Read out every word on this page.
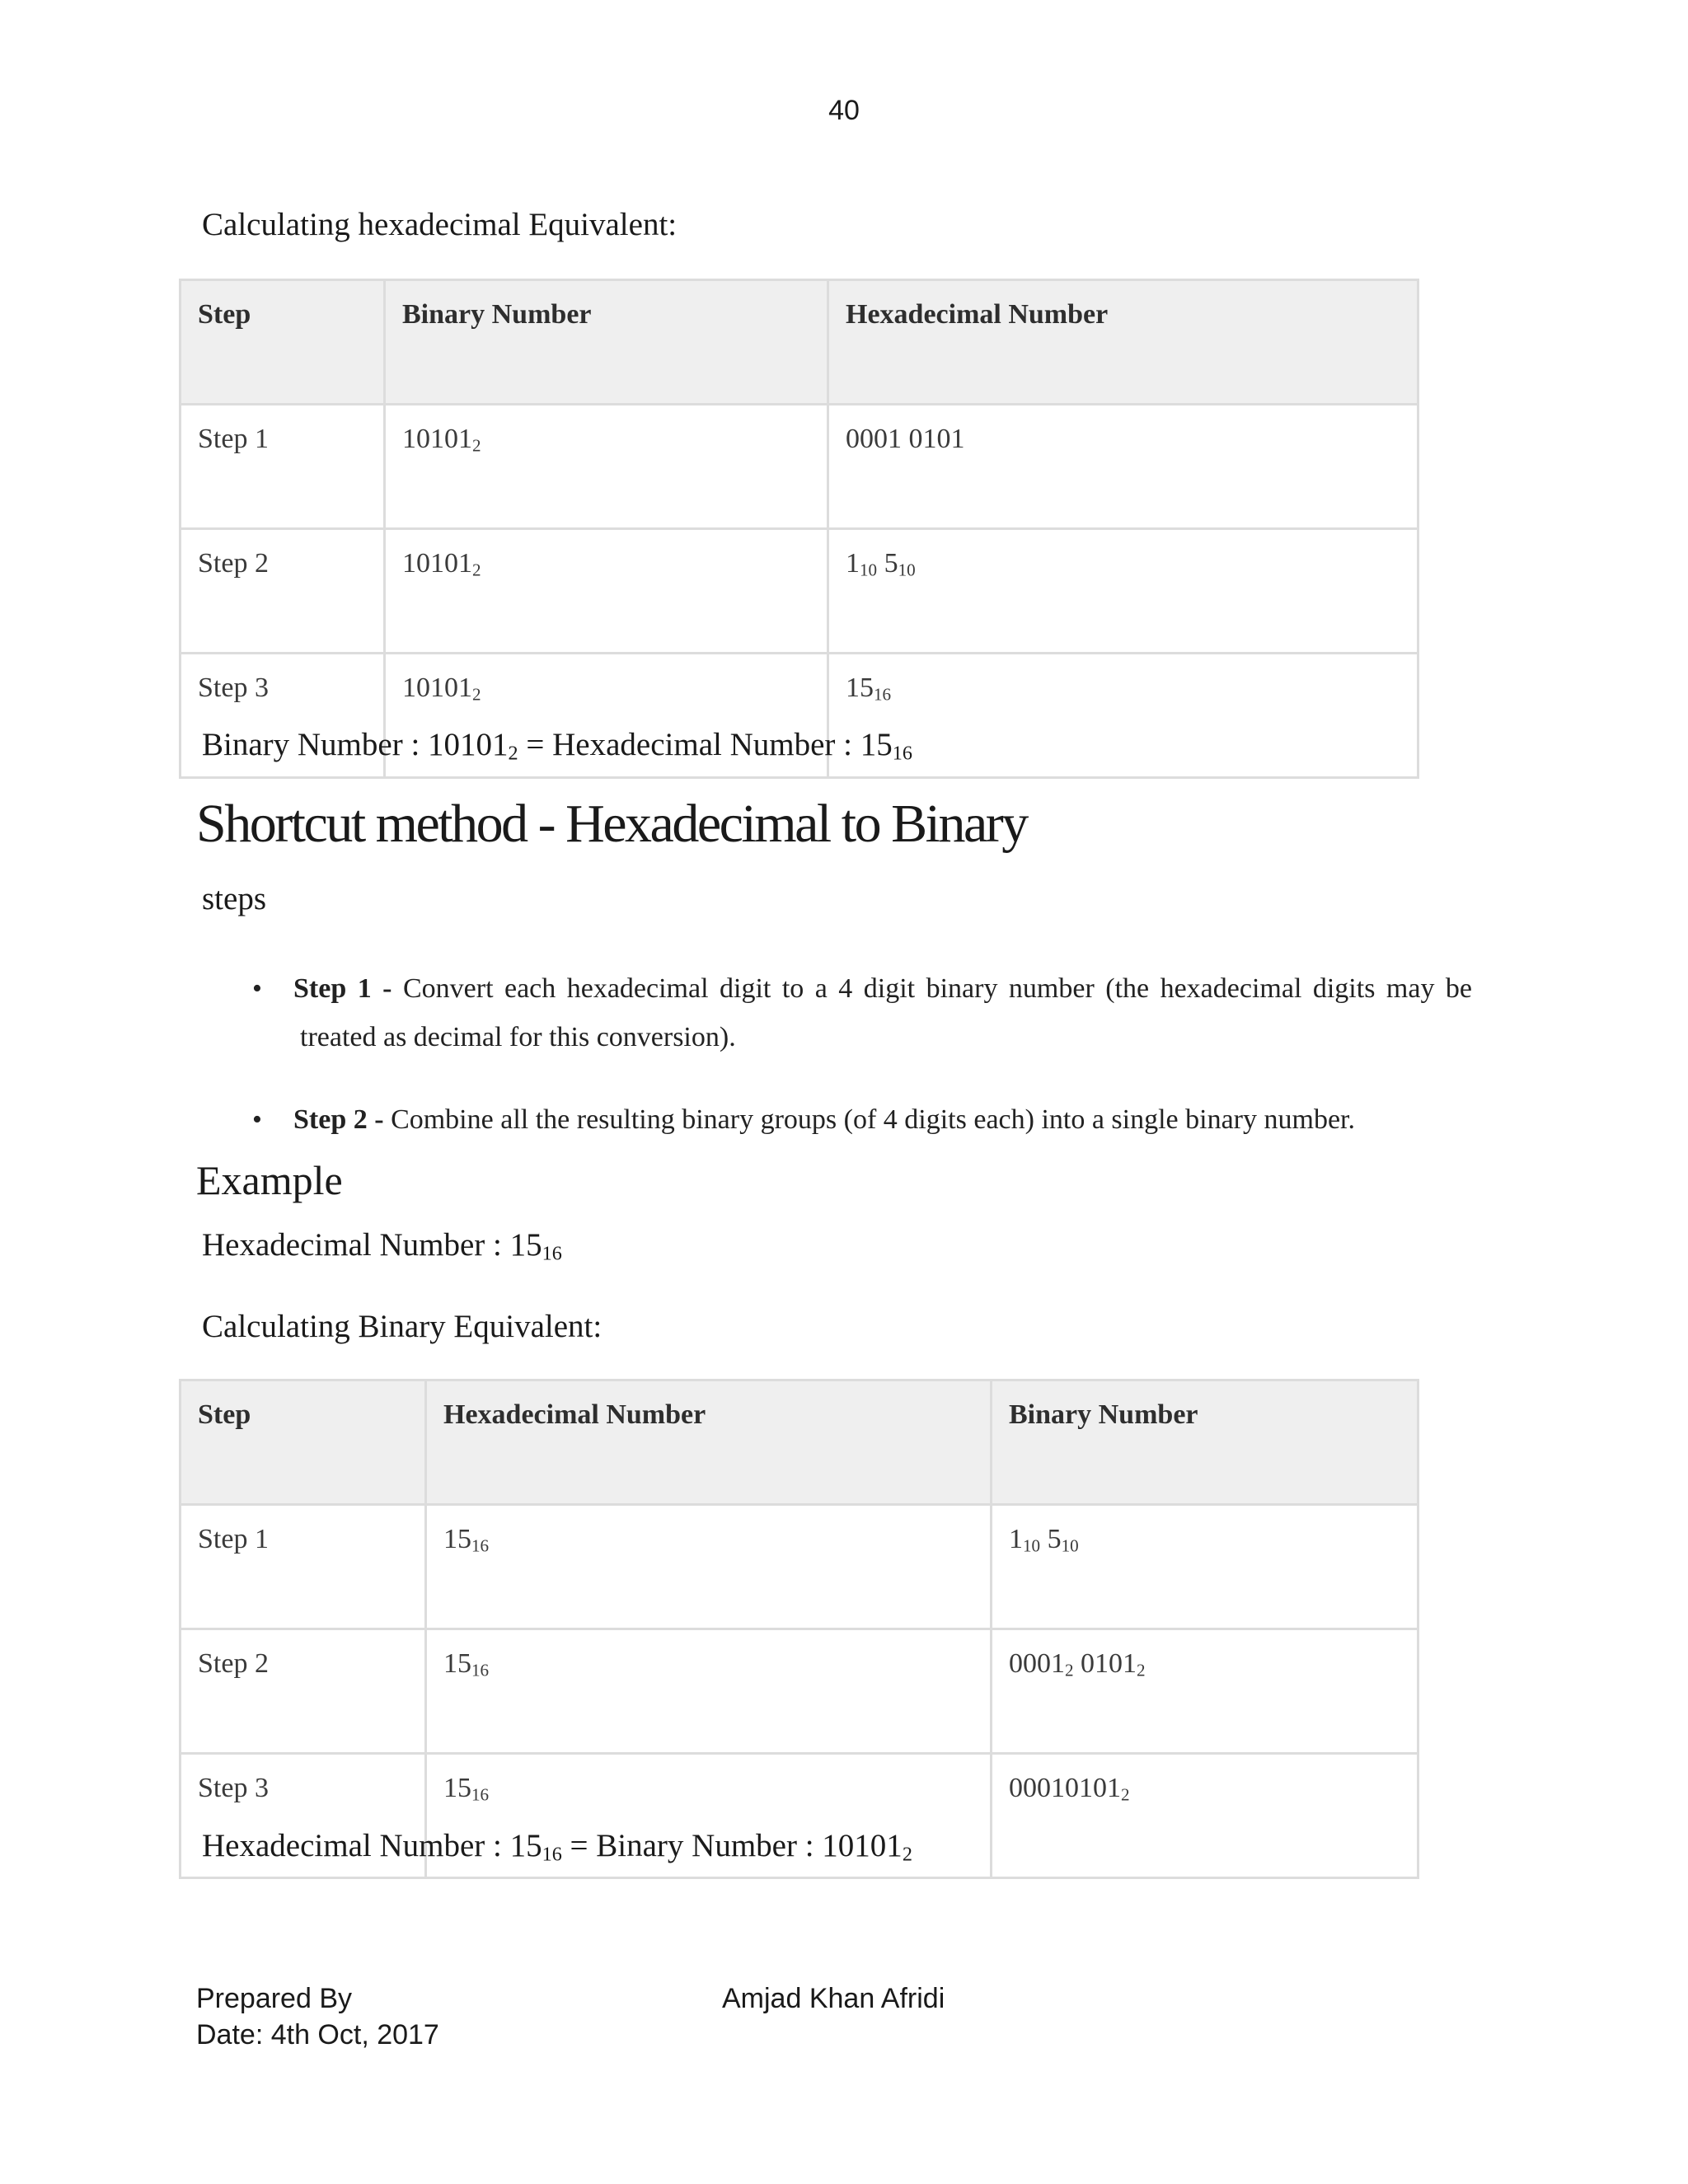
40
Calculating hexadecimal Equivalent:
Step	Binary Number	Hexadecimal Number
Step 1	$10101_2$	0001 0101
Step 2	$10101_2$	$1_{10}$ $5_{10}$
Step 3	$10101_2$	$15_{16}$
Binary Number : $10101_2$ = Hexadecimal Number : $15_{16}$
Shortcut method - Hexadecimal to Binary
steps
• Step 1 - Convert each hexadecimal digit to a 4 digit binary number (the hexadecimal digits may be
treated as decimal for this conversion).
• Step 2 - Combine all the resulting binary groups (of 4 digits each) into a single binary number.
Example
Hexadecimal Number : $15_{16}$
Calculating Binary Equivalent:
Step	Hexadecimal Number	Binary Number
Step 1	$15_{16}$	$1_{10}$ $5_{10}$
Step 2	$15_{16}$	$0001_2$ $0101_2$
Step 3	$15_{16}$	$00010101_2$
Hexadecimal Number : $15_{16}$ = Binary Number : $10101_2$
Prepared By
Date: 4th Oct, 2017
Amjad Khan Afridi
